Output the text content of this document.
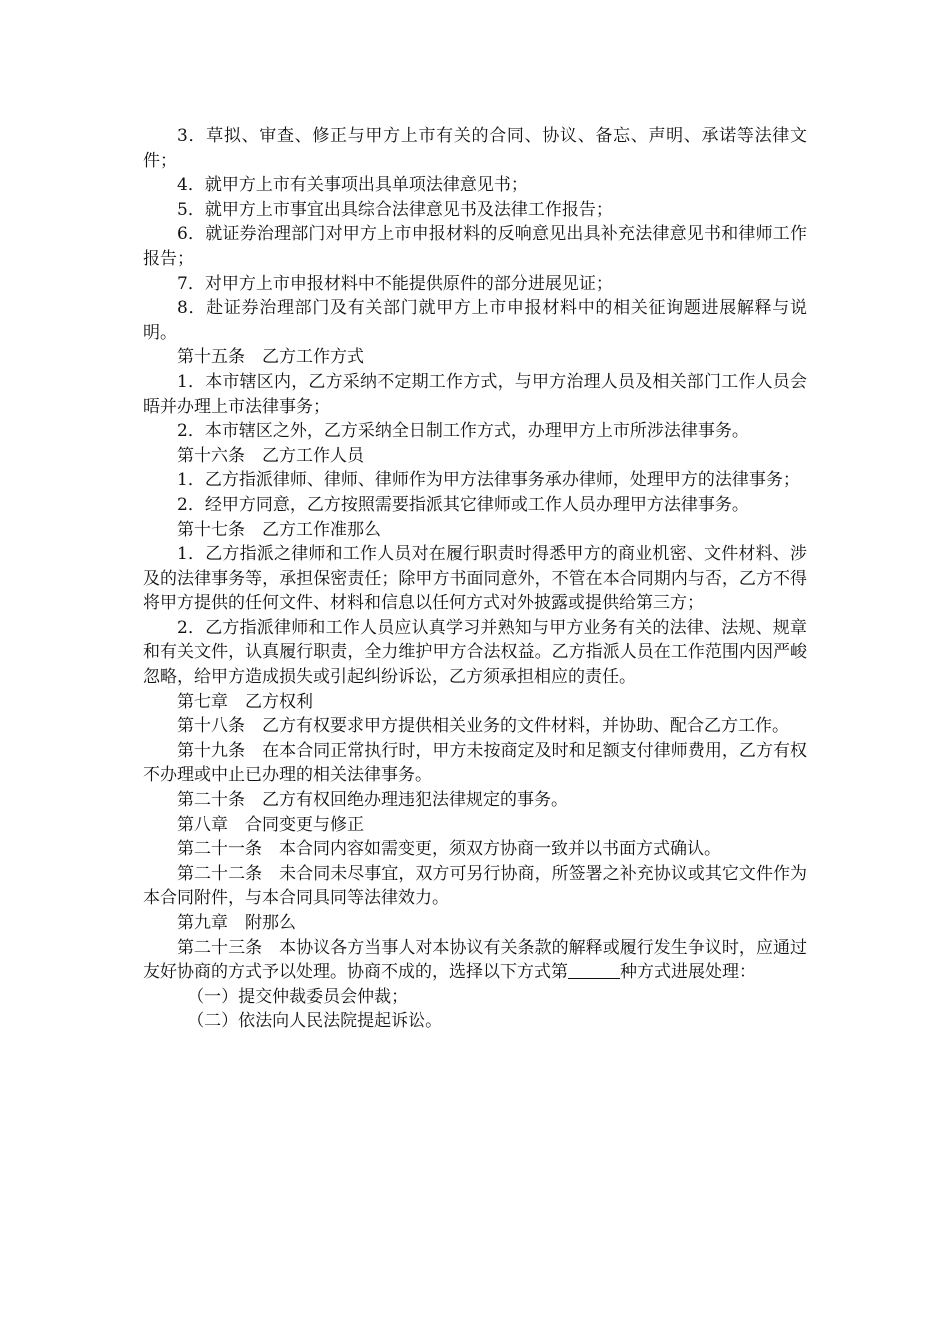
3．草拟、审查、修正与甲方上市有关的合同、协议、备忘、声明、承诺等法律文件；

4．就甲方上市有关事项出具单项法律意见书；

5．就甲方上市事宜出具综合法律意见书及法律工作报告；

6．就证券治理部门对甲方上市申报材料的反响意见出具补充法律意见书和律师工作报告；

7．对甲方上市申报材料中不能提供原件的部分进展见证；

8．赴证券治理部门及有关部门就甲方上市申报材料中的相关征询题进展解释与说明。

第十五条　乙方工作方式

1．本市辖区内，乙方采纳不定期工作方式，与甲方治理人员及相关部门工作人员会晤并办理上市法律事务；

2．本市辖区之外，乙方采纳全日制工作方式，办理甲方上市所涉法律事务。

第十六条　乙方工作人员

1．乙方指派律师、律师、律师作为甲方法律事务承办律师，处理甲方的法律事务；

2．经甲方同意，乙方按照需要指派其它律师或工作人员办理甲方法律事务。

第十七条　乙方工作准那么

1．乙方指派之律师和工作人员对在履行职责时得悉甲方的商业机密、文件材料、涉及的法律事务等，承担保密责任；除甲方书面同意外，不管在本合同期内与否，乙方不得将甲方提供的任何文件、材料和信息以任何方式对外披露或提供给第三方；

2．乙方指派律师和工作人员应认真学习并熟知与甲方业务有关的法律、法规、规章和有关文件，认真履行职责，全力维护甲方合法权益。乙方指派人员在工作范围内因严峻忽略，给甲方造成损失或引起纠纷诉讼，乙方须承担相应的责任。

第七章　乙方权利

第十八条　乙方有权要求甲方提供相关业务的文件材料，并协助、配合乙方工作。

第十九条　在本合同正常执行时，甲方未按商定及时和足额支付律师费用，乙方有权不办理或中止已办理的相关法律事务。

第二十条　乙方有权回绝办理违犯法律规定的事务。

第八章　合同变更与修正

第二十一条　本合同内容如需变更，须双方协商一致并以书面方式确认。

第二十二条　未合同未尽事宜，双方可另行协商，所签署之补充协议或其它文件作为本合同附件，与本合同具同等法律效力。

第九章　附那么

第二十三条　本协议各方当事人对本协议有关条款的解释或履行发生争议时，应通过友好协商的方式予以处理。协商不成的，选择以下方式第	种方式进展处理：

（一）提交仲裁委员会仲裁；

（二）依法向人民法院提起诉讼。
